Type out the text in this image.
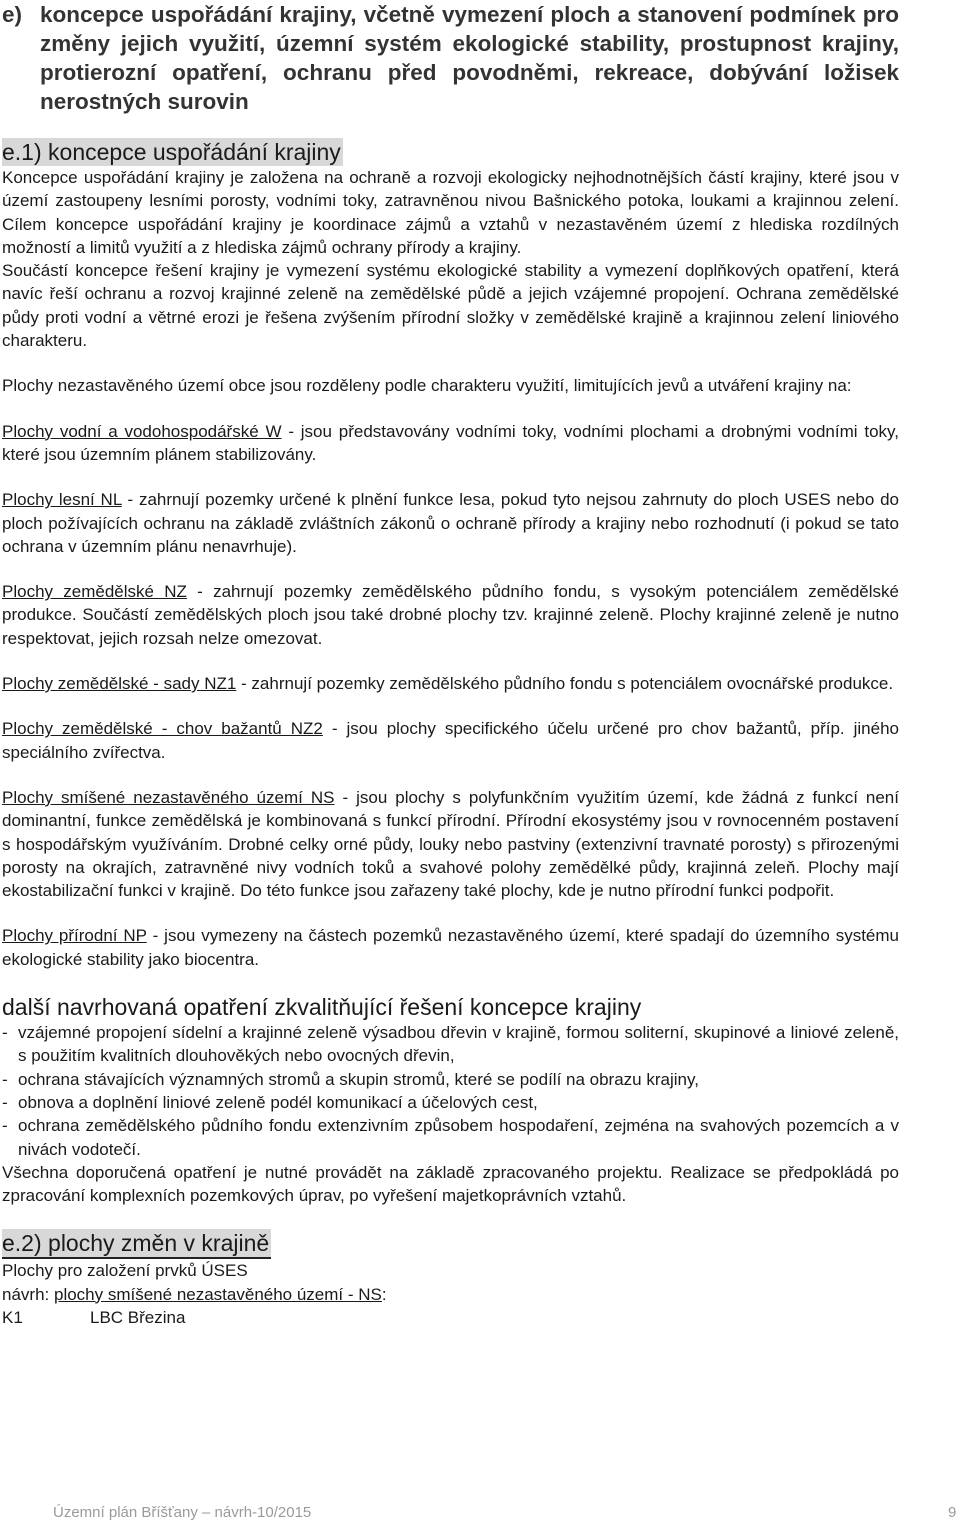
e) koncepce uspořádání krajiny, včetně vymezení ploch a stanovení podmínek pro změny jejich využití, územní systém ekologické stability, prostupnost krajiny, protierozní opatření, ochranu před povodněmi, rekreace, dobývání ložisek nerostných surovin
e.1) koncepce uspořádání krajiny

Koncepce uspořádání krajiny je založena na ochraně a rozvoji ekologicky nejhodnotnějších částí krajiny, které jsou v území zastoupeny lesními porosty, vodními toky, zatravněnou nivou Bašnického potoka, loukami a krajinnou zelení. Cílem koncepce uspořádání krajiny je koordinace zájmů a vztahů v nezastavěném území z hlediska rozdílných možností a limitů využití a z hlediska zájmů ochrany přírody a krajiny.

Součástí koncepce řešení krajiny je vymezení systému ekologické stability a vymezení doplňkových opatření, která navíc řeší ochranu a rozvoj krajinné zeleně na zemědělské půdě a jejich vzájemné propojení. Ochrana zemědělské půdy proti vodní a větrné erozi je řešena zvýšením přírodní složky v zemědělské krajině a krajinnou zelení liniového charakteru.

Plochy nezastavěného území obce jsou rozděleny podle charakteru využití, limitujících jevů a utváření krajiny na:

Plochy vodní a vodohospodářské W - jsou představovány vodními toky, vodními plochami a drobnými vodními toky, které jsou územním plánem stabilizovány.

Plochy lesní NL - zahrnují pozemky určené k plnění funkce lesa, pokud tyto nejsou zahrnuty do ploch USES nebo do ploch požívajících ochranu na základě zvláštních zákonů o ochraně přírody a krajiny nebo rozhodnutí (i pokud se tato ochrana v územním plánu nenavrhuje).

Plochy zemědělské NZ - zahrnují pozemky zemědělského půdního fondu, s vysokým potenciálem zemědělské produkce. Součástí zemědělských ploch jsou také drobné plochy tzv. krajinné zeleně. Plochy krajinné zeleně je nutno respektovat, jejich rozsah nelze omezovat.

Plochy zemědělské - sady NZ1 - zahrnují pozemky zemědělského půdního fondu s potenciálem ovocnářské produkce.

Plochy zemědělské - chov bažantů NZ2 - jsou plochy specifického účelu určené pro chov bažantů, příp. jiného speciálního zvířectva.

Plochy smíšené nezastavěného území NS - jsou plochy s polyfunkčním využitím území, kde žádná z funkcí není dominantní, funkce zemědělská je kombinovaná s funkcí přírodní. Přírodní ekosystémy jsou v rovnocenném postavení s hospodářským využíváním. Drobné celky orné půdy, louky nebo pastviny (extenzivní travnaté porosty) s přirozenými porosty na okrajích, zatravněné nivy vodních toků a svahové polohy zemědělké půdy, krajinná zeleň. Plochy mají ekostabilizační funkci v krajině. Do této funkce jsou zařazeny také plochy, kde je nutno přírodní funkci podpořit.

Plochy přírodní NP - jsou vymezeny na částech pozemků nezastavěného území, které spadají do územního systému ekologické stability jako biocentra.

další navrhovaná opatření zkvalitňující řešení koncepce krajiny
- vzájemné propojení sídelní a krajinné zeleně výsadbou dřevin v krajině, formou soliterní, skupinové a liniové zeleně, s použitím kvalitních dlouhověkých nebo ovocných dřevin,
- ochrana stávajících významných stromů a skupin stromů, které se podílí na obrazu krajiny,
- obnova a doplnění liniové zeleně podél komunikací a účelových cest,
- ochrana zemědělského půdního fondu extenzivním způsobem hospodaření, zejména na svahových pozemcích a v nivách vodotečí.

Všechna doporučená opatření je nutné provádět na základě zpracovaného projektu. Realizace se předpokládá po zpracování komplexních pozemkových úprav, po vyřešení majetkoprávních vztahů.

e.2) plochy změn v krajině
Plochy pro založení prvků ÚSES
návrh: plochy smíšené nezastavěného území - NS:
K1	LBC Březina
Územní plán Bříšťany – návrh-10/2015	9
